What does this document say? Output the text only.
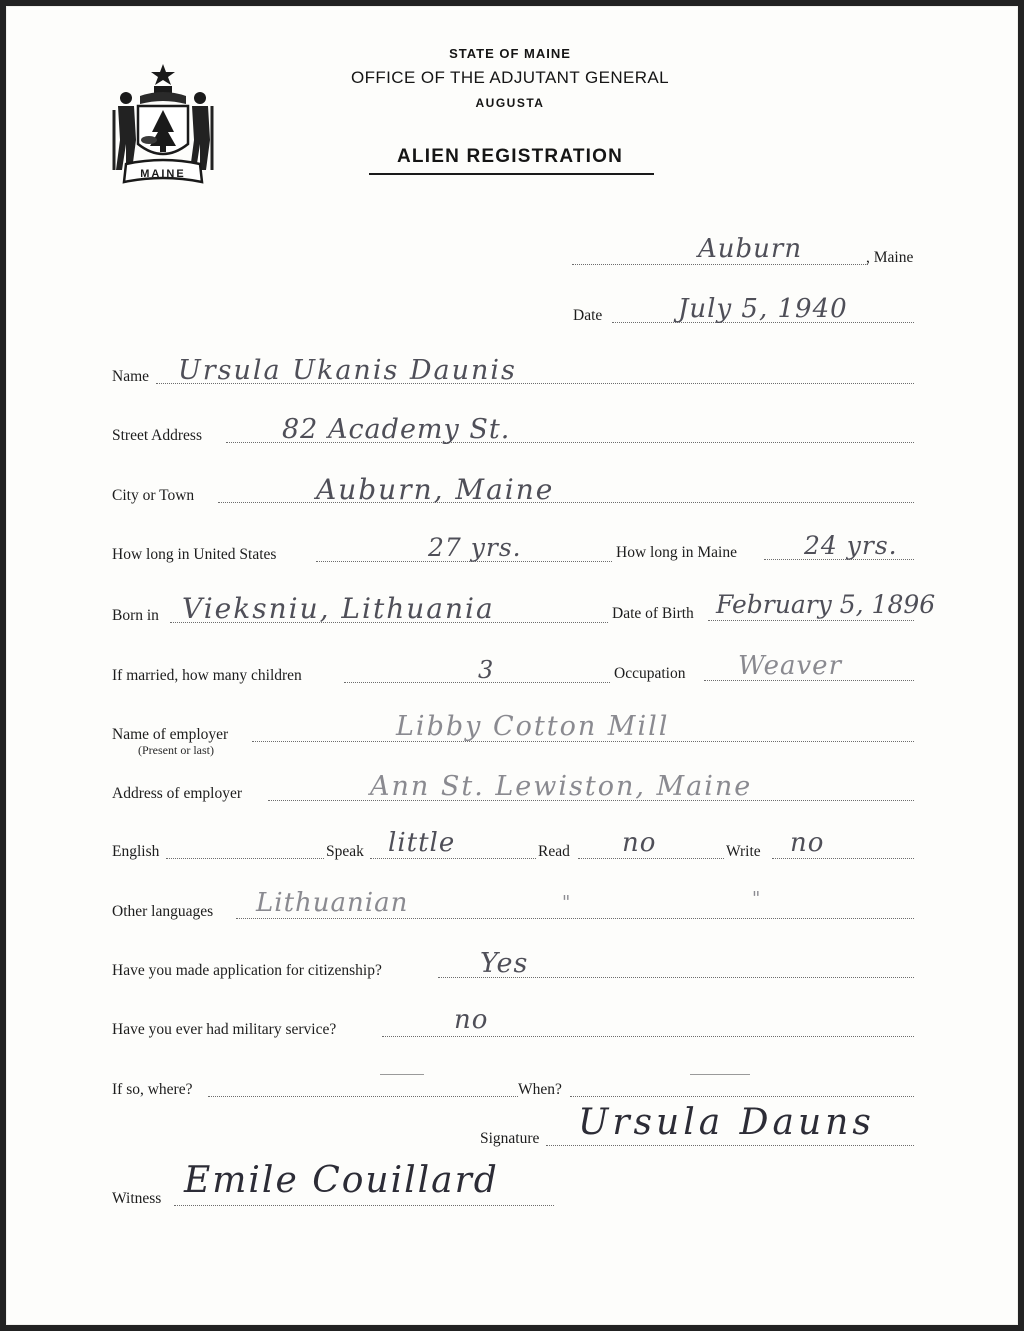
MAINE
STATE OF MAINE
OFFICE OF THE ADJUTANT GENERAL
AUGUSTA
ALIEN REGISTRATION
Auburn	, Maine
Date	July 5, 1940
Name Ursula Ukanis Daunis
Street Address	82 Academy St.
City or Town	Auburn, Maine
How long in United States	27 yrs.	How long in Maine	24 yrs.
Born in Vieksniu, Lithuania	Date of Birth February 5, 1896
If married, how many children	3	Occupation Weaver
Name of employer
(Present or last)
Libby Cotton Mill
Address of employer	Ann St. Lewiston, Maine
English	Speak little	Read no	Write no
Other languages Lithuanian	"	"
Have you made application for citizenship?	Yes
Have you ever had military service?	no
If so, where?	When?
Signature Ursula Dauns
Witness Emile Couillard
